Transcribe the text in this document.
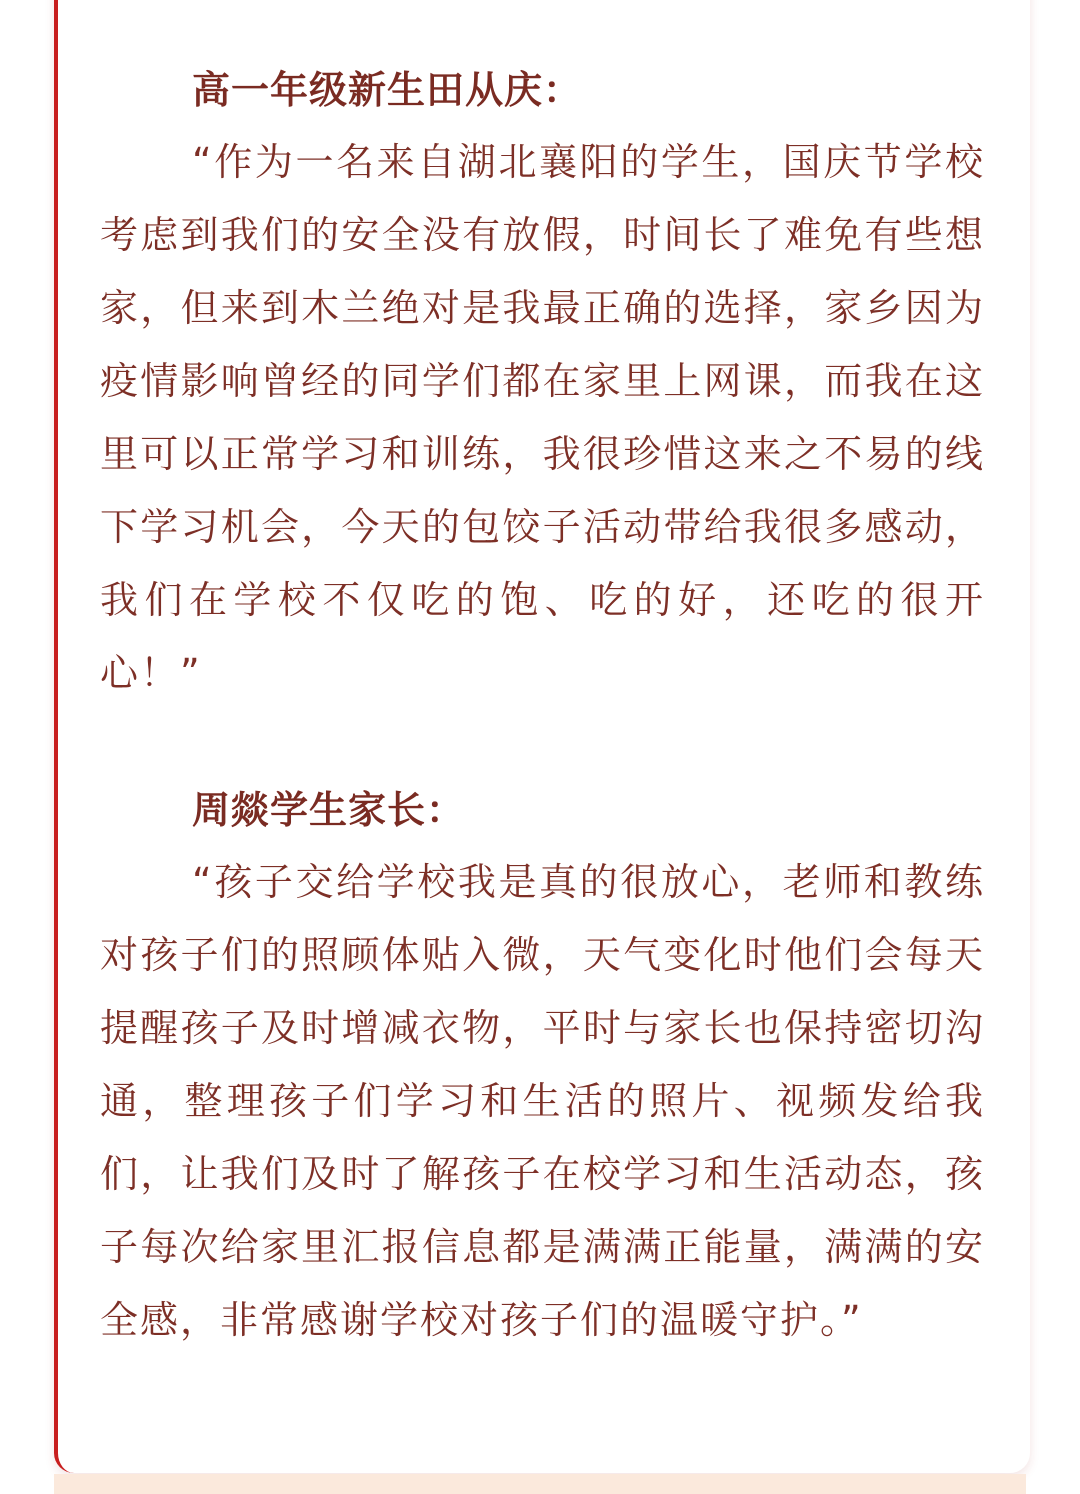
高一年级新生田从庆：
“作为一名来自湖北襄阳的学生，国庆节学校考虑到我们的安全没有放假，时间长了难免有些想家，但来到木兰绝对是我最正确的选择，家乡因为疫情影响曾经的同学们都在家里上网课，而我在这里可以正常学习和训练，我很珍惜这来之不易的线下学习机会，今天的包饺子活动带给我很多感动，我们在学校不仅吃的饱、吃的好，还吃的很开心！”
周燚学生家长：
“孩子交给学校我是真的很放心，老师和教练对孩子们的照顾体贴入微，天气变化时他们会每天提醒孩子及时增减衣物，平时与家长也保持密切沟通，整理孩子们学习和生活的照片、视频发给我们，让我们及时了解孩子在校学习和生活动态，孩子每次给家里汇报信息都是满满正能量，满满的安全感，非常感谢学校对孩子们的温暖守护。”
